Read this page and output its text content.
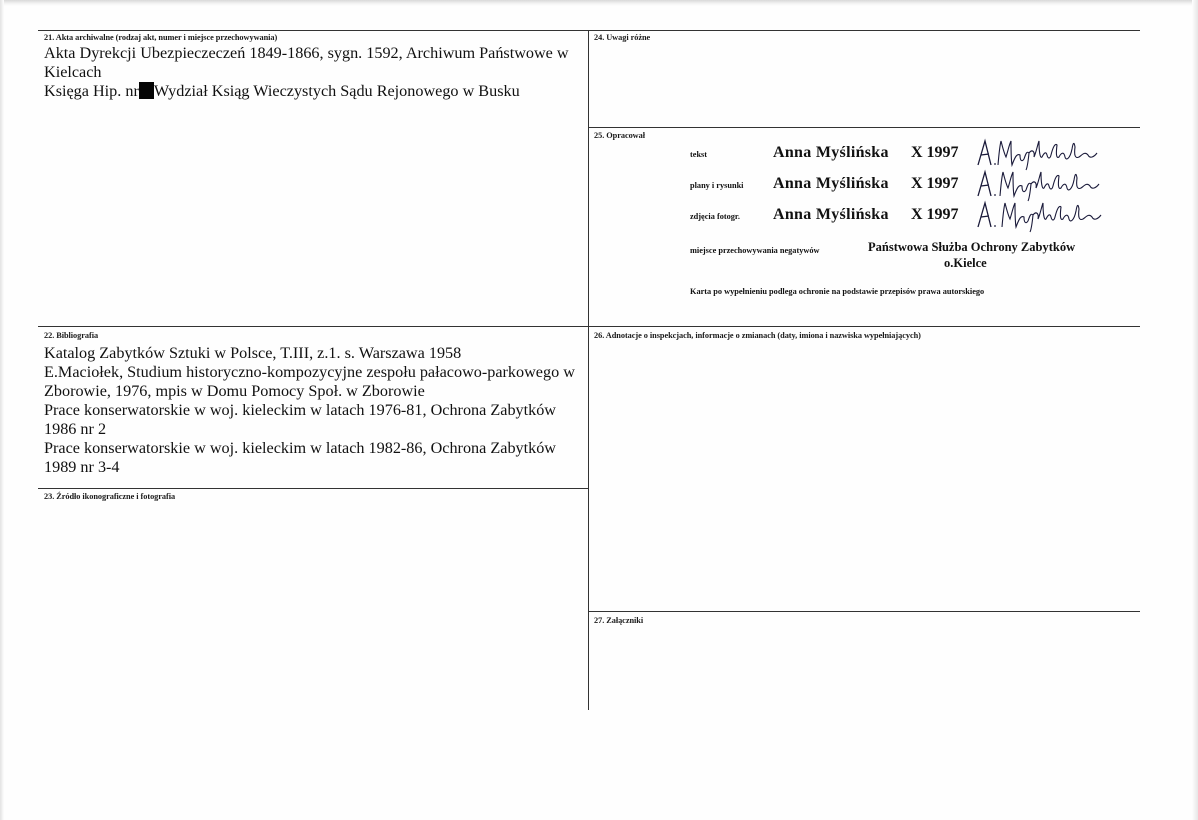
21. Akta archiwalne (rodzaj akt, numer i miejsce przechowywania)
Akta Dyrekcji Ubezpieczeczeń 1849-1866, sygn. 1592, Archiwum Państwowe w
Kielcach
Księga Hip. nr Wydział Ksiąg Wieczystych Sądu Rejonowego w Busku
22. Bibliografia
Katalog Zabytków Sztuki w Polsce, T.III, z.1. s. Warszawa 1958
E.Maciołek, Studium historyczno-kompozycyjne zespołu pałacowo-parkowego w
Zborowie, 1976, mpis w Domu Pomocy Społ. w Zborowie
Prace konserwatorskie w woj. kieleckim w latach 1976-81, Ochrona Zabytków
1986 nr 2
Prace konserwatorskie w woj. kieleckim w latach 1982-86, Ochrona Zabytków
1989 nr 3-4
23. Źródło ikonograficzne i fotografia
24. Uwagi różne
25. Opracował
tekst	Anna Myślińska X 1997
plany i rysunki Anna Myślińska X 1997
zdjęcia fotogr. Anna Myślińska X 1997
miejsce przechowywania negatywów	Państwowa Służba Ochrony Zabytków
o.Kielce
Karta po wypełnieniu podlega ochronie na podstawie przepisów prawa autorskiego
26. Adnotacje o inspekcjach, informacje o zmianach (daty, imiona i nazwiska wypełniających)
27. Załączniki
